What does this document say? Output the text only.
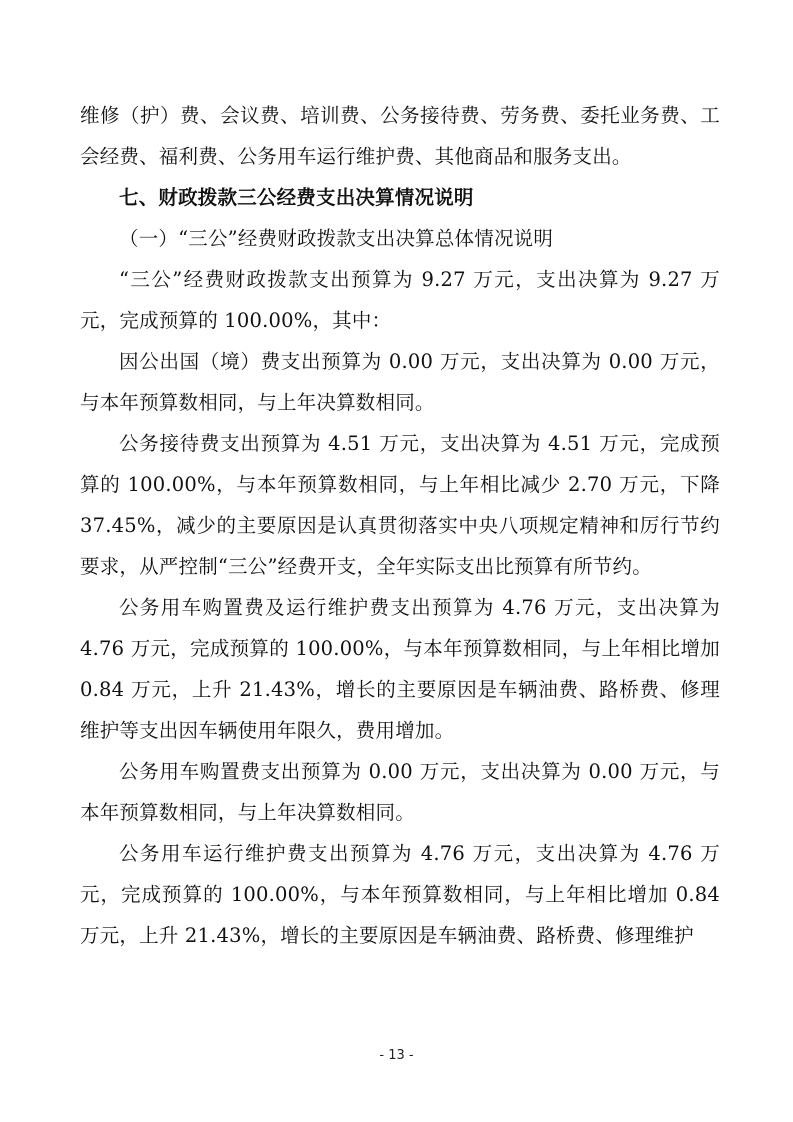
维修（护）费、会议费、培训费、公务接待费、劳务费、委托业务费、工会经费、福利费、公务用车运行维护费、其他商品和服务支出。

七、财政拨款三公经费支出决算情况说明

（一）“三公”经费财政拨款支出决算总体情况说明

“三公”经费财政拨款支出预算为 9.27 万元，支出决算为 9.27 万元，完成预算的 100.00%，其中：

因公出国（境）费支出预算为 0.00 万元，支出决算为 0.00 万元，与本年预算数相同，与上年决算数相同。

公务接待费支出预算为 4.51 万元，支出决算为 4.51 万元，完成预算的 100.00%，与本年预算数相同，与上年相比减少 2.70 万元，下降 37.45%，减少的主要原因是认真贯彻落实中央八项规定精神和厉行节约要求，从严控制“三公”经费开支，全年实际支出比预算有所节约。

公务用车购置费及运行维护费支出预算为 4.76 万元，支出决算为 4.76 万元，完成预算的 100.00%，与本年预算数相同，与上年相比增加 0.84 万元，上升 21.43%，增长的主要原因是车辆油费、路桥费、修理维护等支出因车辆使用年限久，费用增加。

公务用车购置费支出预算为 0.00 万元，支出决算为 0.00 万元，与本年预算数相同，与上年决算数相同。

公务用车运行维护费支出预算为 4.76 万元，支出决算为 4.76 万元，完成预算的 100.00%，与本年预算数相同，与上年相比增加 0.84 万元，上升 21.43%，增长的主要原因是车辆油费、路桥费、修理维护

- 13 -
